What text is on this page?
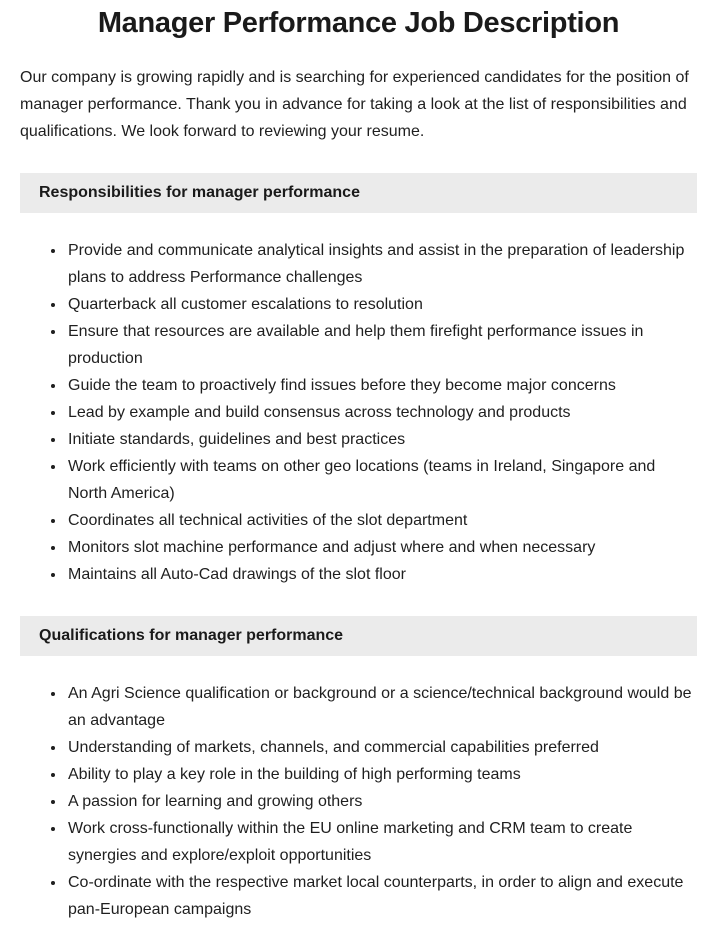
Manager Performance Job Description

Our company is growing rapidly and is searching for experienced candidates for the position of manager performance. Thank you in advance for taking a look at the list of responsibilities and qualifications. We look forward to reviewing your resume.

Responsibilities for manager performance
• Provide and communicate analytical insights and assist in the preparation of leadership plans to address Performance challenges
• Quarterback all customer escalations to resolution
• Ensure that resources are available and help them firefight performance issues in production
• Guide the team to proactively find issues before they become major concerns
• Lead by example and build consensus across technology and products
• Initiate standards, guidelines and best practices
• Work efficiently with teams on other geo locations (teams in Ireland, Singapore and North America)
• Coordinates all technical activities of the slot department
• Monitors slot machine performance and adjust where and when necessary
• Maintains all Auto-Cad drawings of the slot floor
Qualifications for manager performance
• An Agri Science qualification or background or a science/technical background would be an advantage
• Understanding of markets, channels, and commercial capabilities preferred
• Ability to play a key role in the building of high performing teams
• A passion for learning and growing others
• Work cross-functionally within the EU online marketing and CRM team to create synergies and explore/exploit opportunities
• Co-ordinate with the respective market local counterparts, in order to align and execute pan-European campaigns
